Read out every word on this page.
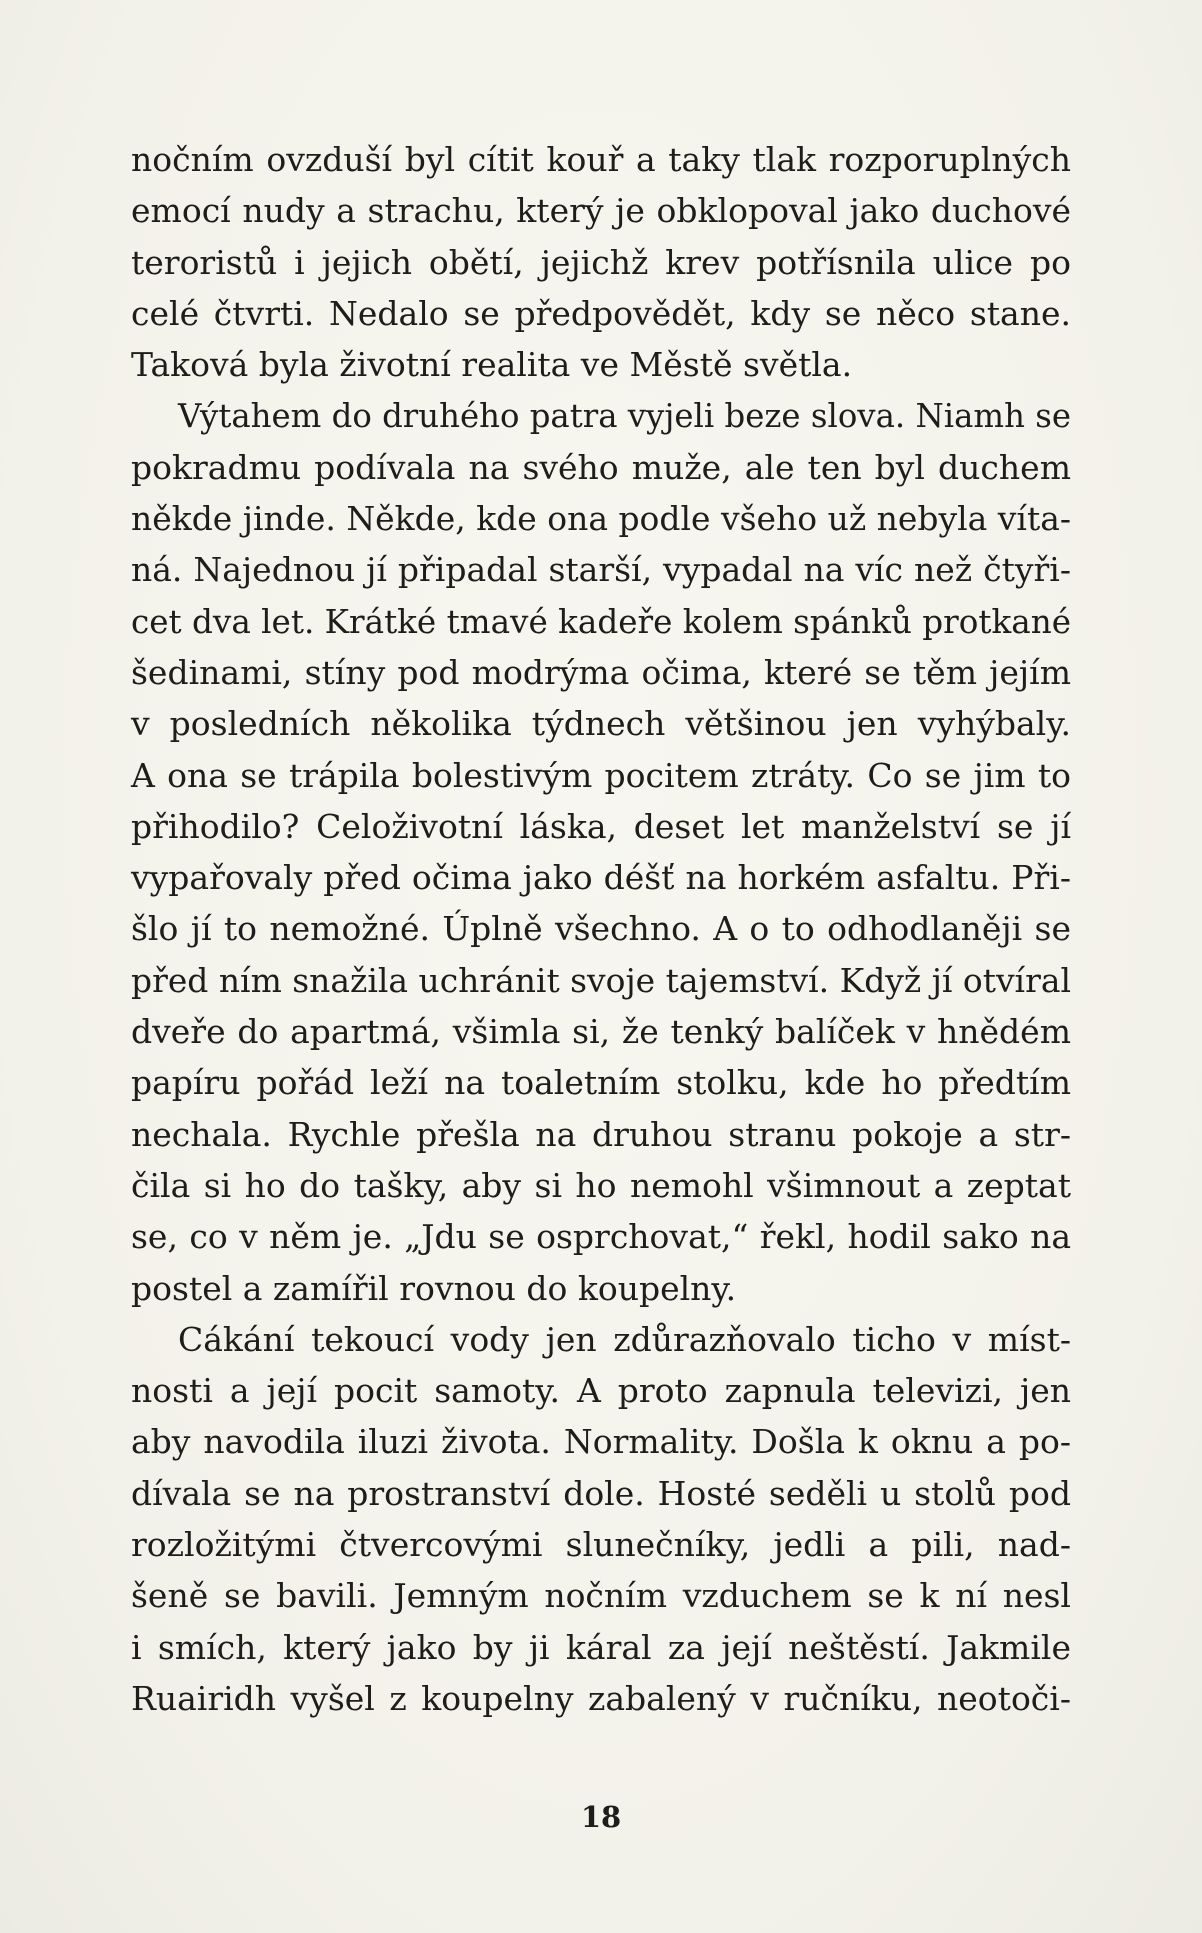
nočním ovzduší byl cítit kouř a taky tlak rozporuplných
emocí nudy a strachu, který je obklopoval jako duchové
teroristů i jejich obětí, jejichž krev potřísnila ulice po
celé čtvrti. Nedalo se předpovědět, kdy se něco stane.
Taková byla životní realita ve Městě světla.
Výtahem do druhého patra vyjeli beze slova. Niamh se
pokradmu podívala na svého muže, ale ten byl duchem
někde jinde. Někde, kde ona podle všeho už nebyla víta-
ná. Najednou jí připadal starší, vypadal na víc než čtyři-
cet dva let. Krátké tmavé kadeře kolem spánků protkané
šedinami, stíny pod modrýma očima, které se těm jejím
v posledních několika týdnech většinou jen vyhýbaly.
A ona se trápila bolestivým pocitem ztráty. Co se jim to
přihodilo? Celoživotní láska, deset let manželství se jí
vypařovaly před očima jako déšť na horkém asfaltu. Při-
šlo jí to nemožné. Úplně všechno. A o to odhodlaněji se
před ním snažila uchránit svoje tajemství. Když jí otvíral
dveře do apartmá, všimla si, že tenký balíček v hnědém
papíru pořád leží na toaletním stolku, kde ho předtím
nechala. Rychle přešla na druhou stranu pokoje a str-
čila si ho do tašky, aby si ho nemohl všimnout a zeptat
se, co v něm je. „Jdu se osprchovat,“ řekl, hodil sako na
postel a zamířil rovnou do koupelny.
Cákání tekoucí vody jen zdůrazňovalo ticho v míst-
nosti a její pocit samoty. A proto zapnula televizi, jen
aby navodila iluzi života. Normality. Došla k oknu a po-
dívala se na prostranství dole. Hosté seděli u stolů pod
rozložitými čtvercovými slunečníky, jedli a pili, nad-
šeně se bavili. Jemným nočním vzduchem se k ní nesl
i smích, který jako by ji káral za její neštěstí. Jakmile
Ruairidh vyšel z koupelny zabalený v ručníku, neotoči-
18
